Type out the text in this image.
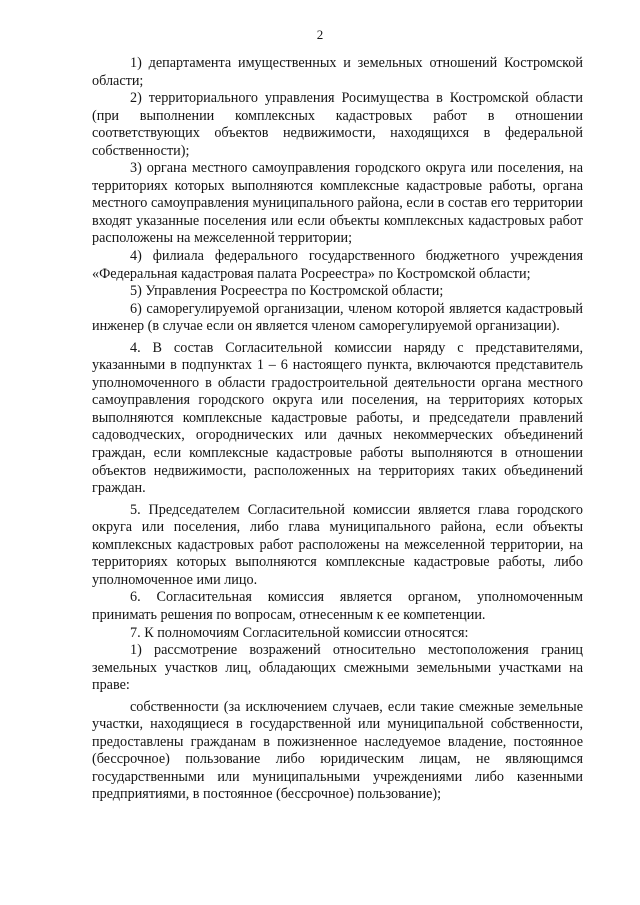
2

1) департамента имущественных и земельных отношений Костромской области;

2) территориального управления Росимущества в Костромской области (при выполнении комплексных кадастровых работ в отношении соответствующих объектов недвижимости, находящихся в федеральной собственности);

3) органа местного самоуправления городского округа или поселения, на территориях которых выполняются комплексные кадастровые работы, органа местного самоуправления муниципального района, если в состав его территории входят указанные поселения или если объекты комплексных кадастровых работ расположены на межселенной территории;

4) филиала федерального государственного бюджетного учреждения «Федеральная кадастровая палата Росреестра» по Костромской области;

5) Управления Росреестра по Костромской области;

6) саморегулируемой организации, членом которой является кадастровый инженер (в случае если он является членом саморегулируемой организации).

4. В состав Согласительной комиссии наряду с представителями, указанными в подпунктах 1 – 6 настоящего пункта, включаются представитель уполномоченного в области градостроительной деятельности органа местного самоуправления городского округа или поселения, на территориях которых выполняются комплексные кадастровые работы, и председатели правлений садоводческих, огороднических или дачных некоммерческих объединений граждан, если комплексные кадастровые работы выполняются в отношении объектов недвижимости, расположенных на территориях таких объединений граждан.

5. Председателем Согласительной комиссии является глава городского округа или поселения, либо глава муниципального района, если объекты комплексных кадастровых работ расположены на межселенной территории, на территориях которых выполняются комплексные кадастровые работы, либо уполномоченное ими лицо.

6. Согласительная комиссия является органом, уполномоченным принимать решения по вопросам, отнесенным к ее компетенции.

7. К полномочиям Согласительной комиссии относятся:

1) рассмотрение возражений относительно местоположения границ земельных участков лиц, обладающих смежными земельными участками на праве:

собственности (за исключением случаев, если такие смежные земельные участки, находящиеся в государственной или муниципальной собственности, предоставлены гражданам в пожизненное наследуемое владение, постоянное (бессрочное) пользование либо юридическим лицам, не являющимся государственными или муниципальными учреждениями либо казенными предприятиями, в постоянное (бессрочное) пользование);
